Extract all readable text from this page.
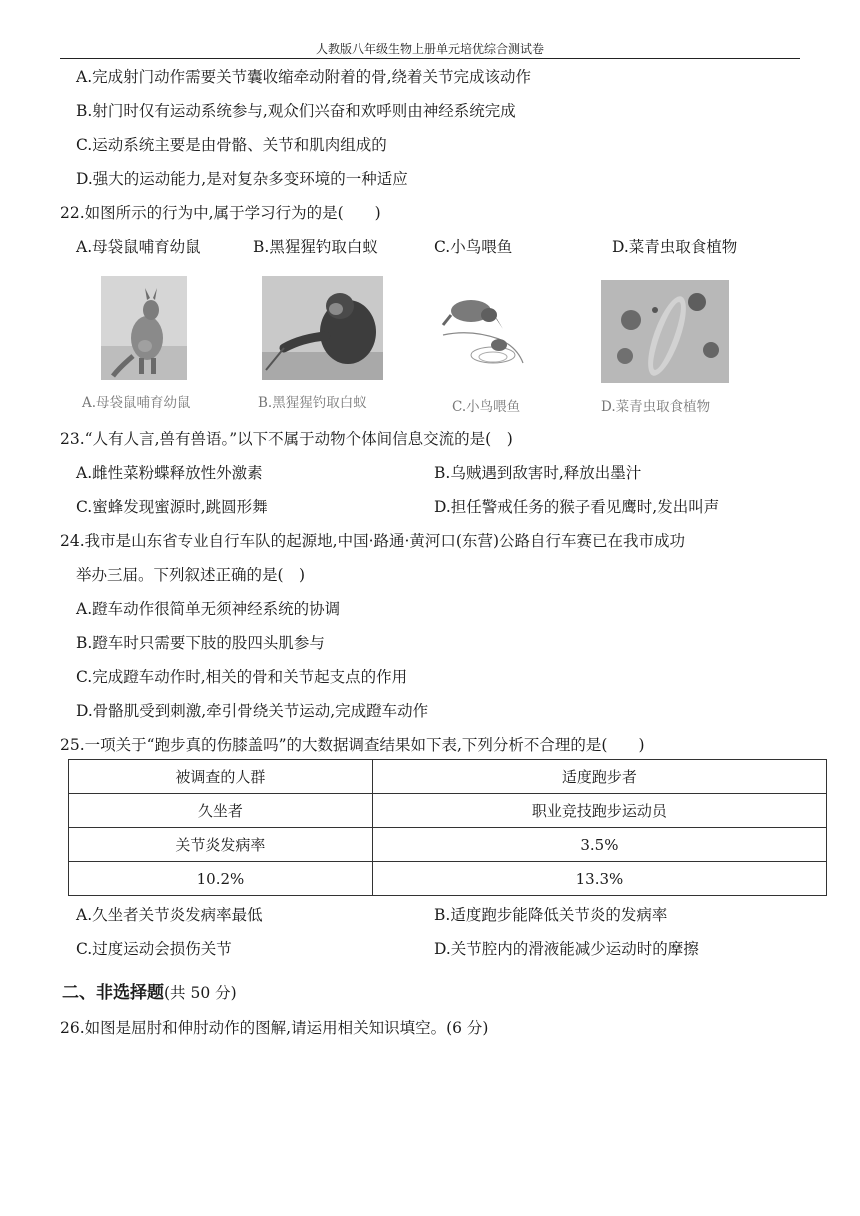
人教版八年级生物上册单元培优综合测试卷
A.完成射门动作需要关节囊收缩牵动附着的骨,绕着关节完成该动作
B.射门时仅有运动系统参与,观众们兴奋和欢呼则由神经系统完成
C.运动系统主要是由骨骼、关节和肌肉组成的
D.强大的运动能力,是对复杂多变环境的一种适应
22.如图所示的行为中,属于学习行为的是(　　)
A.母袋鼠哺育幼鼠	B.黑猩猩钓取白蚁	C.小鸟喂鱼	D.菜青虫取食植物
A.母袋鼠哺育幼鼠	B.黑猩猩钓取白蚁	C.小鸟喂鱼	D.菜青虫取食植物
23.“人有人言,兽有兽语。”以下不属于动物个体间信息交流的是(　)
A.雌性菜粉蝶释放性外激素	B.乌贼遇到敌害时,释放出墨汁
C.蜜蜂发现蜜源时,跳圆形舞	D.担任警戒任务的猴子看见鹰时,发出叫声
24.我市是山东省专业自行车队的起源地,中国·路通·黄河口(东营)公路自行车赛已在我市成功
举办三届。下列叙述正确的是(　)
A.蹬车动作很简单无须神经系统的协调
B.蹬车时只需要下肢的股四头肌参与
C.完成蹬车动作时,相关的骨和关节起支点的作用
D.骨骼肌受到刺激,牵引骨绕关节运动,完成蹬车动作
25.一项关于“跑步真的伤膝盖吗”的大数据调查结果如下表,下列分析不合理的是(　　)
被调查的人群	适度跑步者
久坐者	职业竞技跑步运动员
关节炎发病率	3.5%
10.2%	13.3%
A.久坐者关节炎发病率最低	B.适度跑步能降低关节炎的发病率
C.过度运动会损伤关节	D.关节腔内的滑液能减少运动时的摩擦
二、非选择题(共 50 分)
26.如图是屈肘和伸肘动作的图解,请运用相关知识填空。(6 分)
